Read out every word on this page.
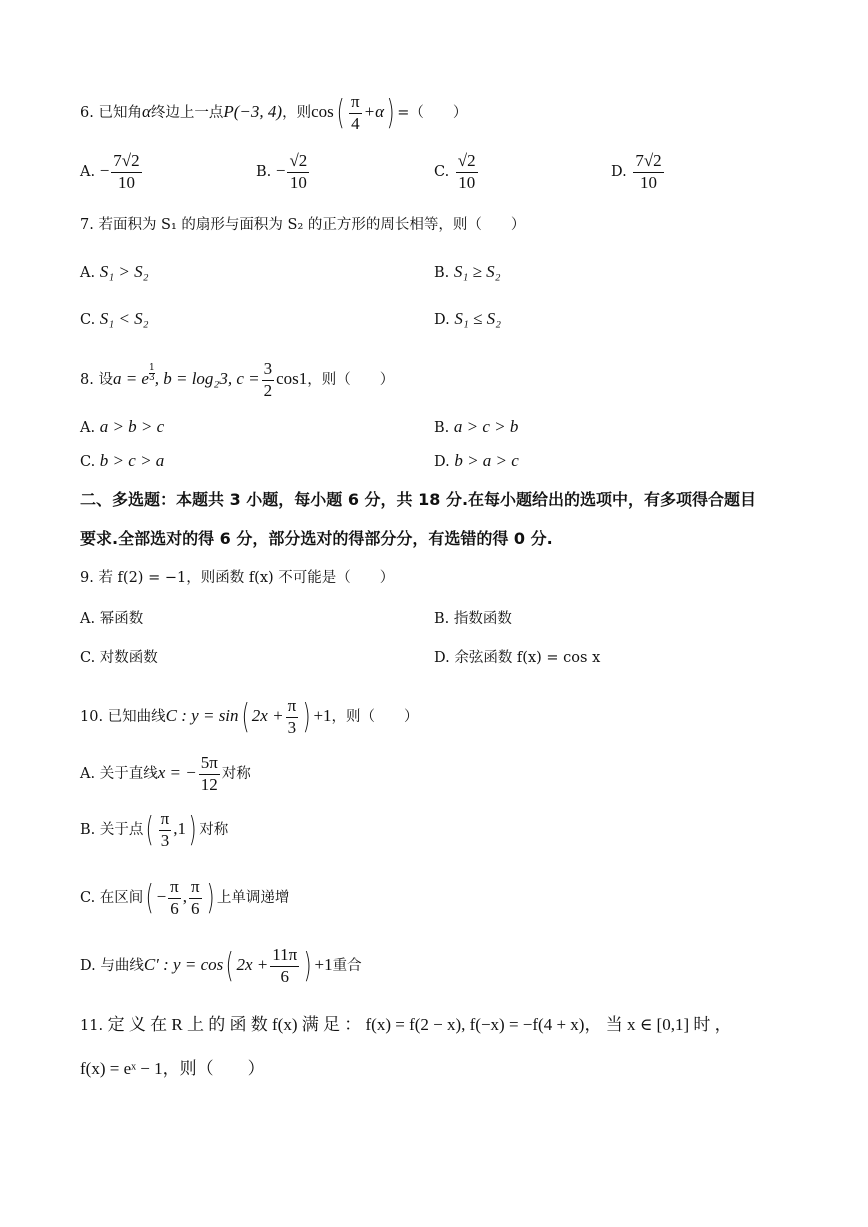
6. 已知角α终边上一点P(−3, 4)，则$\cos( \frac{\pi}{4} +\alpha)$ =（　　）
A. − $\frac{7√2}{10}$	B. − $\frac{√2}{10}$	C. $\frac{√2}{10}$	D. $\frac{7√2}{10}$
7. 若面积为 S₁ 的扇形与面积为 S₂ 的正方形的周长相等，则（　　）
A. S₁ > S₂	B. S₁ ≥ S₂
C. S₁ < S₂	D. S₁ ≤ S₂
8. 设a = e $^{\frac{1}{3}}$ , b = log₂3, $c = \frac{3}{2} \cos 1$，则（　　）
A. a > b > c	B. a > c > b
C. b > c > a	D. b > a > c
二、多选题：本题共 3 小题，每小题 6 分，共 18 分.在每小题给出的选项中，有多项得合题目
要求.全部选对的得 6 分，部分选对的得部分分，有选错的得 0 分.
9. 若 f(2) = −1，则函数 f(x) 不可能是（　　）
A. 幂函数	B. 指数函数
C. 对数函数	D. 余弦函数 f(x) = cos x
10. 已知曲线C : y = sin( $2x + \frac{\pi}{3}$ ) +1，则（　　）
A. 关于直线x = − $\frac{5\pi}{12}$ 对称
B. 关于点( $\frac{\pi}{3} ,1$) 对称
C. 在区间( − $\frac{\pi}{6}$ , $\frac{\pi}{6}$ ) 上单调递增
D. 与曲线C′ : y = cos( $2x + \frac{11\pi}{6}$ ) +1重合
11. 定 义 在 R 上 的 函 数 f(x) 满 足 ： f(x) = f(2 − x), f(−x) = −f(4 + x)， 当 x ∈ [0,1] 时 ，
f(x) = eˣ − 1，则（　　）
